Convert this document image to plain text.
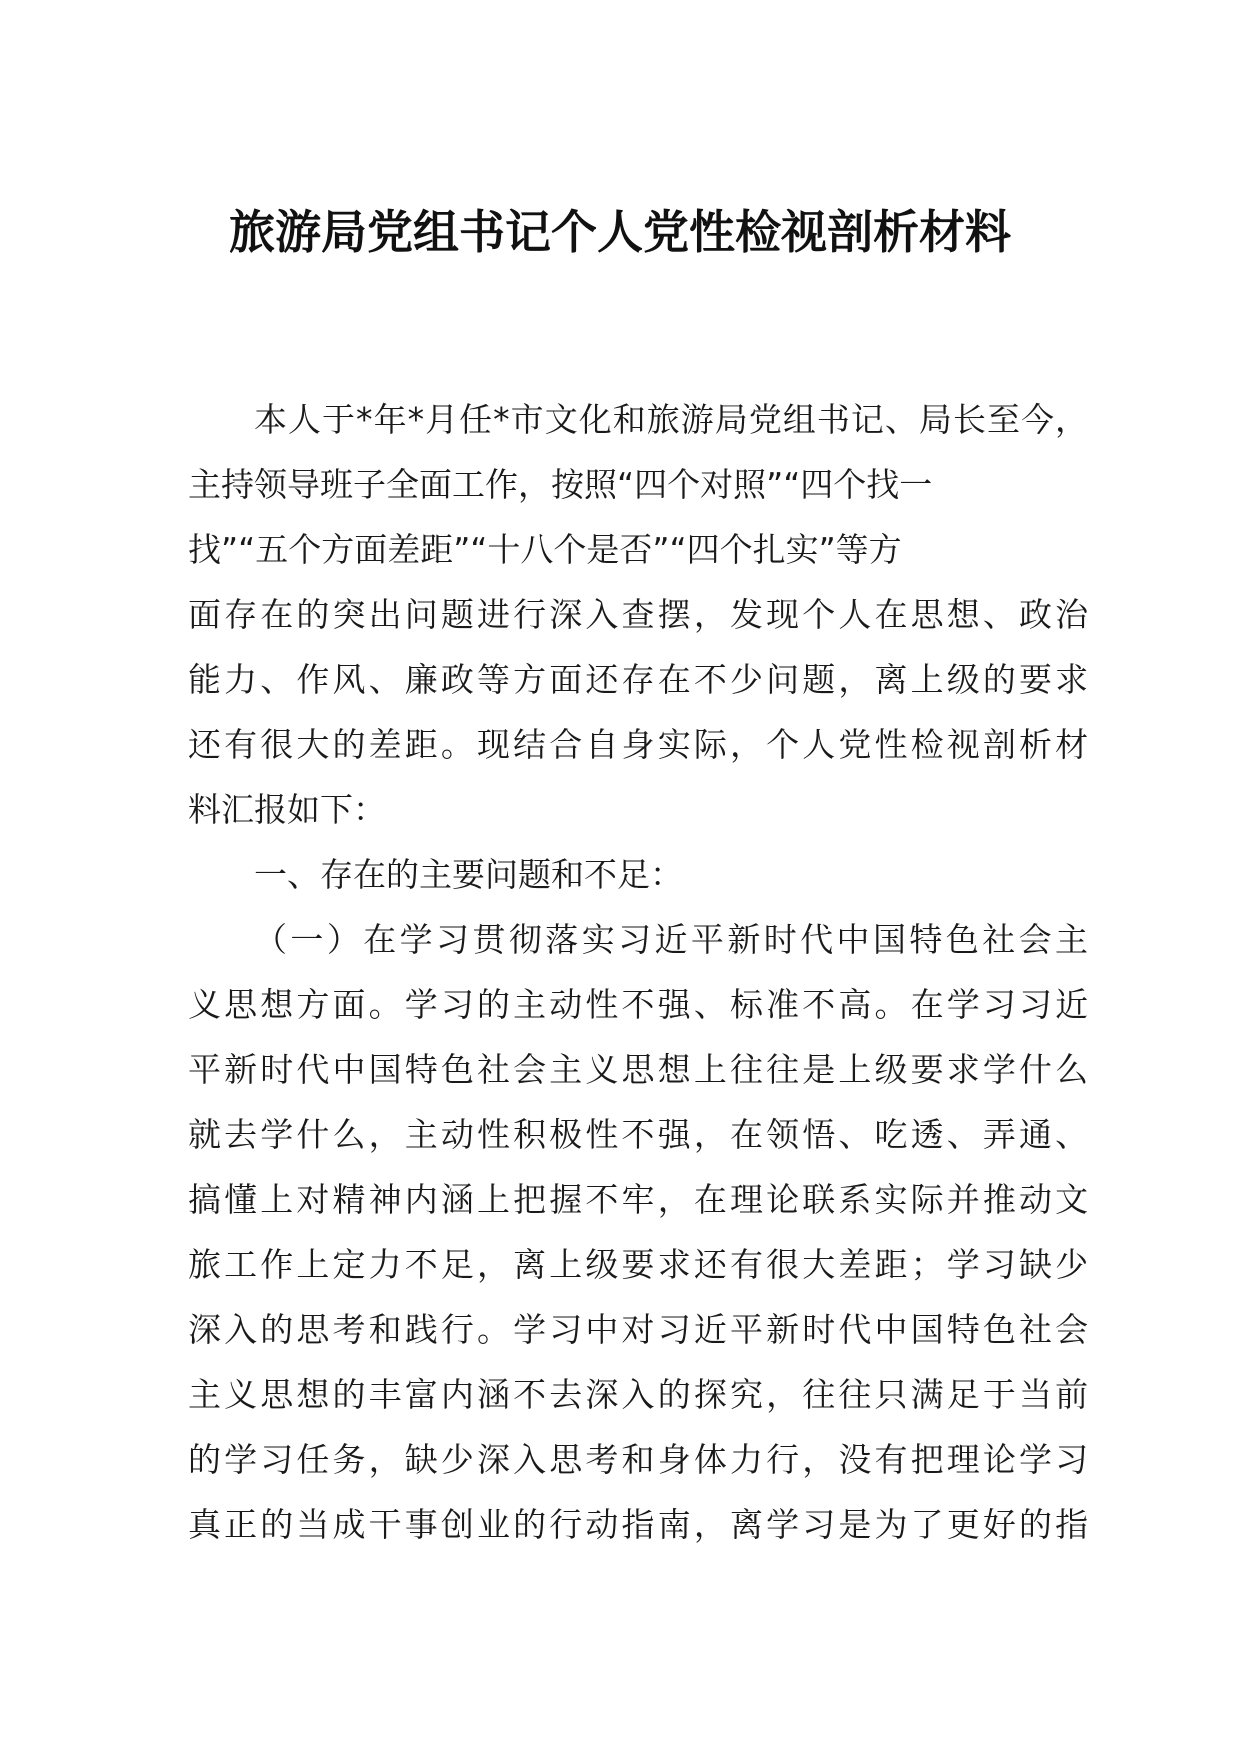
旅游局党组书记个人党性检视剖析材料
本人于*年*月任*市文化和旅游局党组书记、局长至今，
主持领导班子全面工作，按照“四个对照”“四个找一
找”“五个方面差距”“十八个是否”“四个扎实”等方
面存在的突出问题进行深入查摆，发现个人在思想、政治
能力、作风、廉政等方面还存在不少问题，离上级的要求
还有很大的差距。现结合自身实际，个人党性检视剖析材
料汇报如下：
一、存在的主要问题和不足：
（一）在学习贯彻落实习近平新时代中国特色社会主
义思想方面。学习的主动性不强、标准不高。在学习习近
平新时代中国特色社会主义思想上往往是上级要求学什么
就去学什么，主动性积极性不强，在领悟、吃透、弄通、
搞懂上对精神内涵上把握不牢，在理论联系实际并推动文
旅工作上定力不足，离上级要求还有很大差距；学习缺少
深入的思考和践行。学习中对习近平新时代中国特色社会
主义思想的丰富内涵不去深入的探究，往往只满足于当前
的学习任务，缺少深入思考和身体力行，没有把理论学习
真正的当成干事创业的行动指南，离学习是为了更好的指
